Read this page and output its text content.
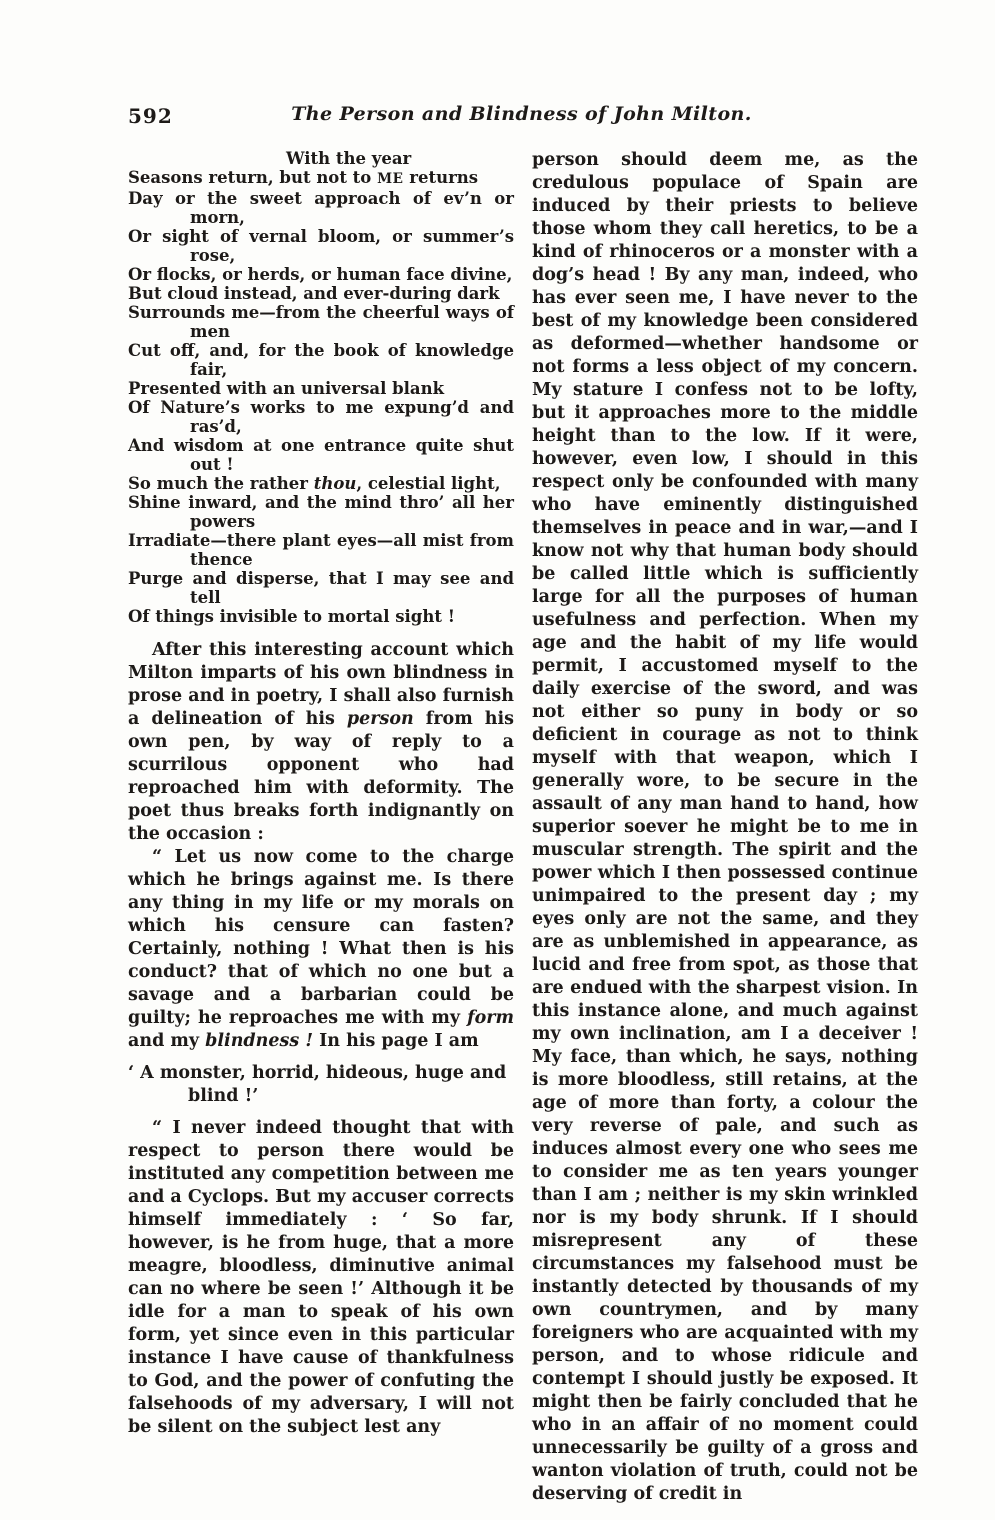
592	The Person and Blindness of John Milton.
With the year
Seasons return, but not to ME returns
Day or the sweet approach of ev’n or morn,
Or sight of vernal bloom, or summer’s rose,
Or flocks, or herds, or human face divine,
But cloud instead, and ever-during dark
Surrounds me—from the cheerful ways of men
Cut off, and, for the book of knowledge fair,
Presented with an universal blank
Of Nature’s works to me expung’d and ras’d,
And wisdom at one entrance quite shut out !
So much the rather thou, celestial light,
Shine inward, and the mind thro’ all her powers
Irradiate—there plant eyes—all mist from thence
Purge and disperse, that I may see and tell
Of things invisible to mortal sight !

After this interesting account which Milton imparts of his own blindness in prose and in poetry, I shall also furnish a delineation of his person from his own pen, by way of reply to a scurrilous opponent who had reproached him with deformity. The poet thus breaks forth indignantly on the occasion :

“ Let us now come to the charge which he brings against me. Is there any thing in my life or my morals on which his censure can fasten? Certainly, nothing ! What then is his conduct? that of which no one but a savage and a barbarian could be guilty; he reproaches me with my form and my blindness ! In his page I am

‘ A monster, horrid, hideous, huge and blind !’

“ I never indeed thought that with respect to person there would be instituted any competition between me and a Cyclops. But my accuser corrects himself immediately : ‘ So far, however, is he from huge, that a more meagre, bloodless, diminutive animal can no where be seen !’ Although it be idle for a man to speak of his own form, yet since even in this particular instance I have cause of thankfulness to God, and the power of confuting the falsehoods of my adversary, I will not be silent on the subject lest any

person should deem me, as the credulous populace of Spain are induced by their priests to believe those whom they call heretics, to be a kind of rhinoceros or a monster with a dog’s head ! By any man, indeed, who has ever seen me, I have never to the best of my knowledge been considered as deformed—whether handsome or not forms a less object of my concern. My stature I confess not to be lofty, but it approaches more to the middle height than to the low. If it were, however, even low, I should in this respect only be confounded with many who have eminently distinguished themselves in peace and in war,—and I know not why that human body should be called little which is sufficiently large for all the purposes of human usefulness and perfection. When my age and the habit of my life would permit, I accustomed myself to the daily exercise of the sword, and was not either so puny in body or so deficient in courage as not to think myself with that weapon, which I generally wore, to be secure in the assault of any man hand to hand, how superior soever he might be to me in muscular strength. The spirit and the power which I then possessed continue unimpaired to the present day ; my eyes only are not the same, and they are as unblemished in appearance, as lucid and free from spot, as those that are endued with the sharpest vision. In this instance alone, and much against my own inclination, am I a deceiver ! My face, than which, he says, nothing is more bloodless, still retains, at the age of more than forty, a colour the very reverse of pale, and such as induces almost every one who sees me to consider me as ten years younger than I am ; neither is my skin wrinkled nor is my body shrunk. If I should misrepresent any of these circumstances my falsehood must be instantly detected by thousands of my own countrymen, and by many foreigners who are acquainted with my person, and to whose ridicule and contempt I should justly be exposed. It might then be fairly concluded that he who in an affair of no moment could unnecessarily be guilty of a gross and wanton violation of truth, could not be deserving of credit in
